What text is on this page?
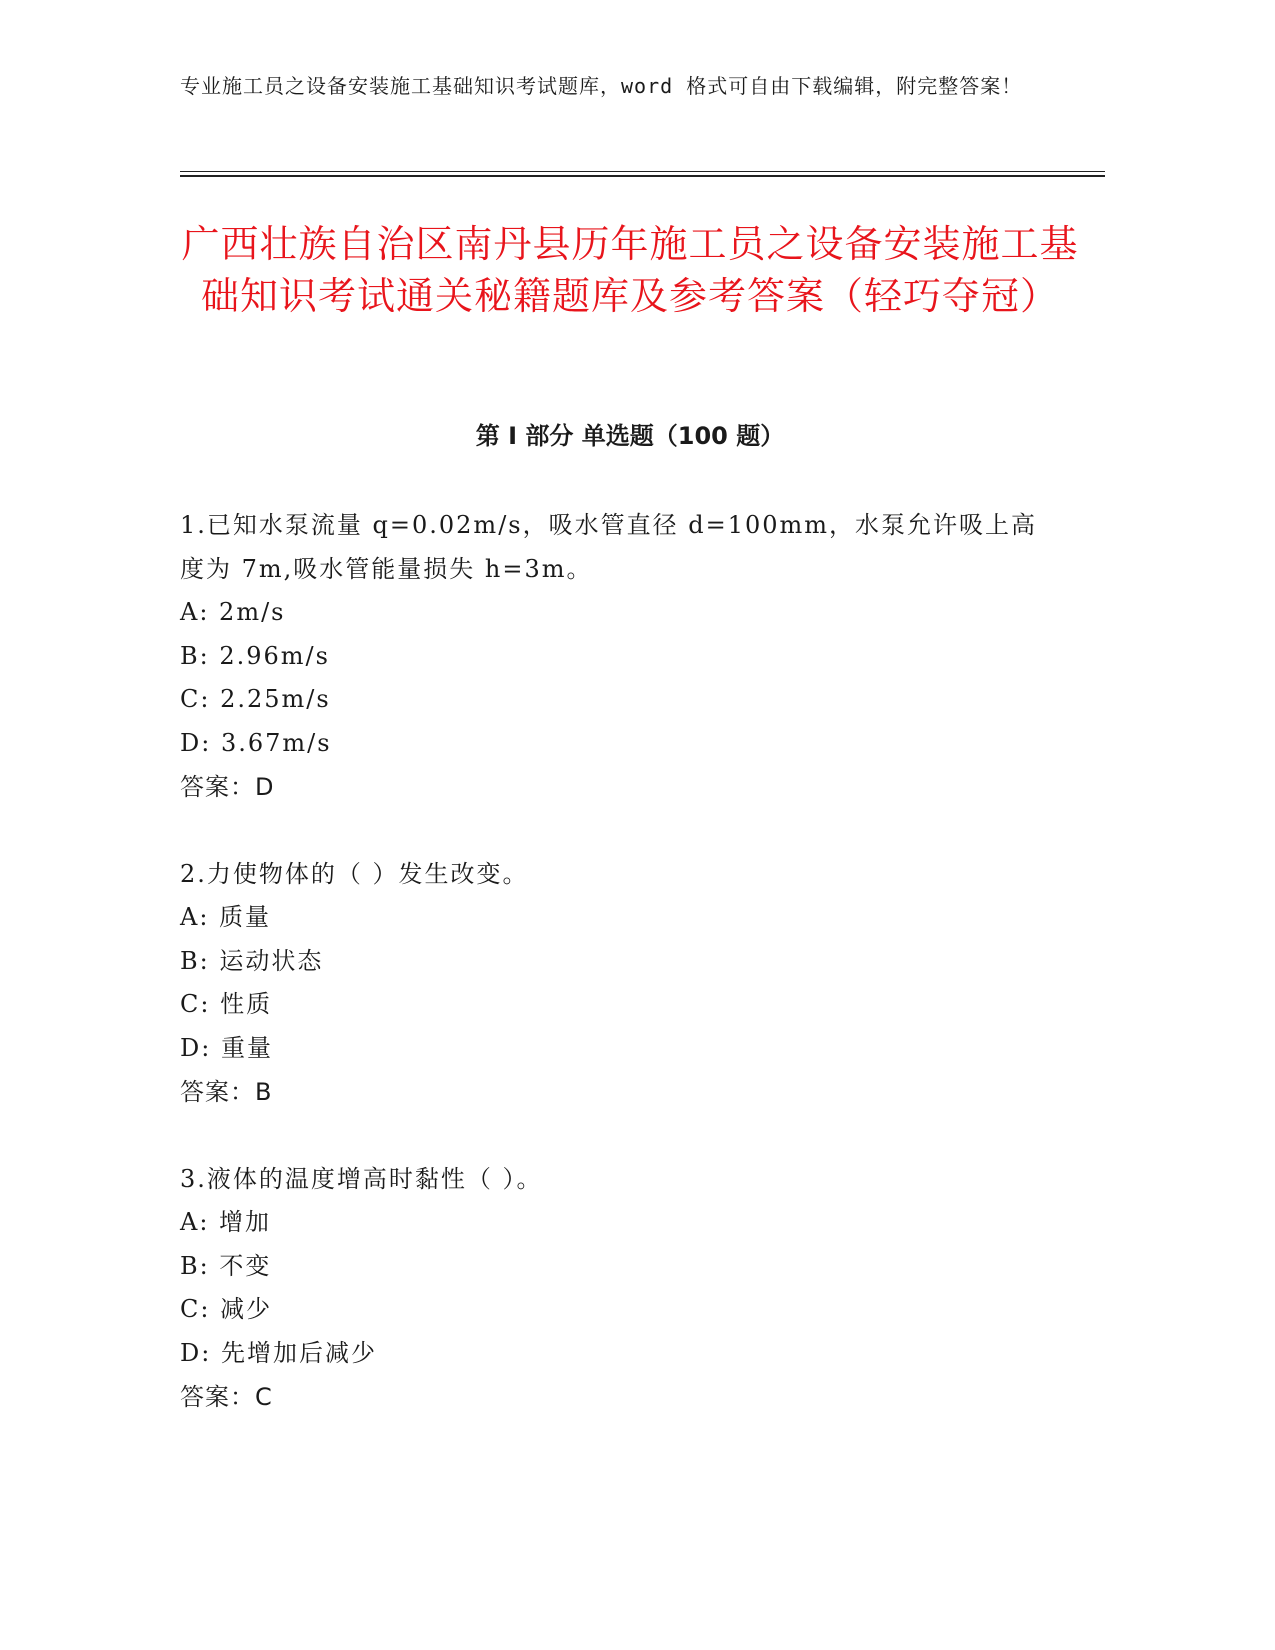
专业施工员之设备安装施工基础知识考试题库，word 格式可自由下载编辑，附完整答案！
广西壮族自治区南丹县历年施工员之设备安装施工基础知识考试通关秘籍题库及参考答案（轻巧夺冠）
第 I 部分 单选题（100 题）

1.已知水泵流量 q=0.02m/s，吸水管直径 d=100mm，水泵允许吸上高度为 7m,吸水管能量损失 h=3m。

A: 2m/s

B: 2.96m/s

C: 2.25m/s

D: 3.67m/s

答案：D

2.力使物体的（ ）发生改变。

A: 质量

B: 运动状态

C: 性质

D: 重量

答案：B

3.液体的温度增高时黏性（ ）。

A: 增加

B: 不变

C: 减少

D: 先增加后减少

答案：C
